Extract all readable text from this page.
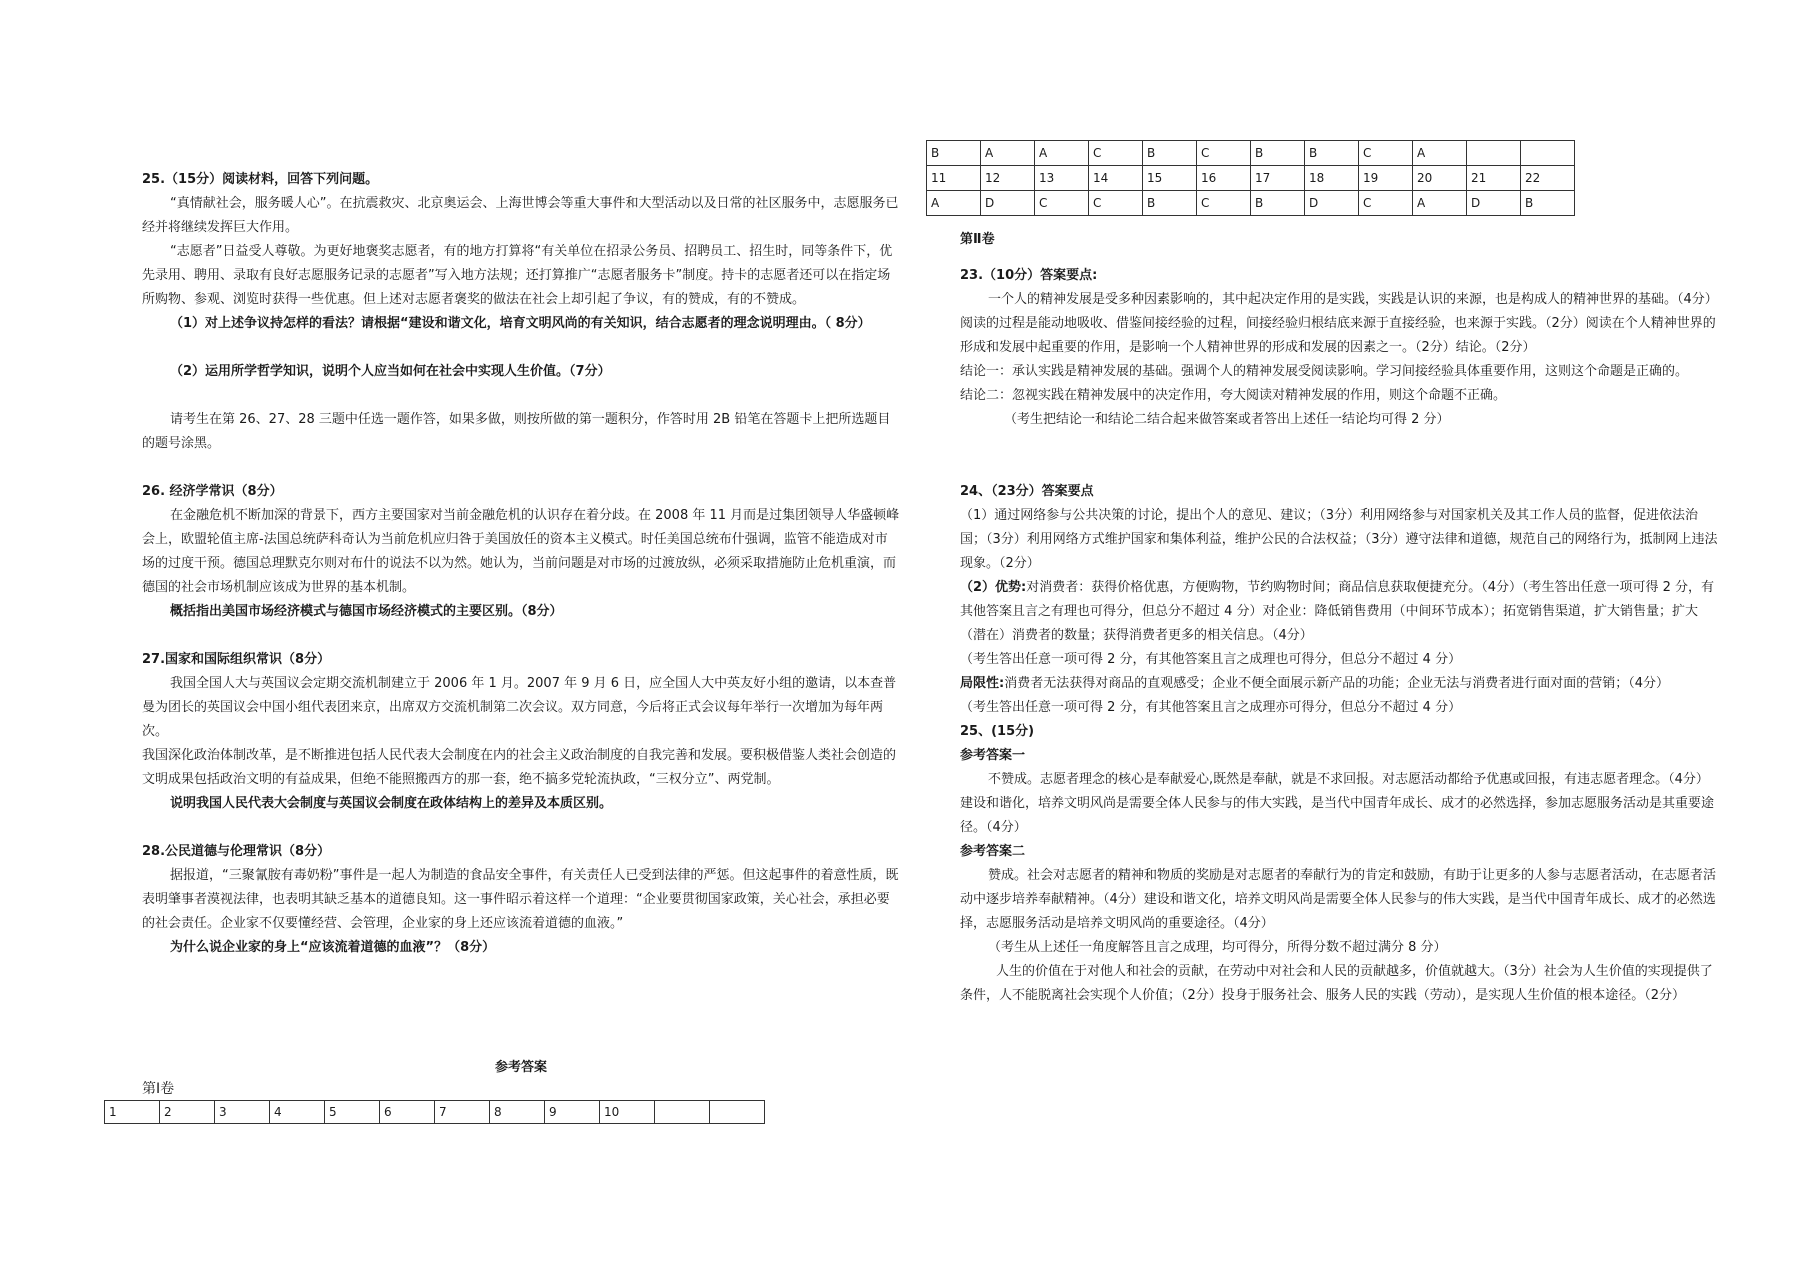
25.（15分）阅读材料，回答下列问题。

“真情献社会，服务暖人心”。在抗震救灾、北京奥运会、上海世博会等重大事件和大型活动以及日常的社区服务中，志愿服务已经并将继续发挥巨大作用。

“志愿者”日益受人尊敬。为更好地褒奖志愿者，有的地方打算将“有关单位在招录公务员、招聘员工、招生时，同等条件下，优先录用、聘用、录取有良好志愿服务记录的志愿者”写入地方法规；还打算推广“志愿者服务卡”制度。持卡的志愿者还可以在指定场所购物、参观、浏览时获得一些优惠。但上述对志愿者褒奖的做法在社会上却引起了争议，有的赞成，有的不赞成。

（1）对上述争议持怎样的看法？请根据“建设和谐文化，培育文明风尚的有关知识，结合志愿者的理念说明理由。（ 8分）

（2）运用所学哲学知识，说明个人应当如何在社会中实现人生价值。（7分）

请考生在第 26、27、28 三题中任选一题作答，如果多做，则按所做的第一题积分，作答时用 2B 铅笔在答题卡上把所选题目的题号涂黑。

26. 经济学常识（8分）

在金融危机不断加深的背景下，西方主要国家对当前金融危机的认识存在着分歧。在 2008 年 11 月而是过集团领导人华盛顿峰会上，欧盟轮值主席-法国总统萨科奇认为当前危机应归咎于美国放任的资本主义模式。时任美国总统布什强调，监管不能造成对市场的过度干预。德国总理默克尔则对布什的说法不以为然。她认为，当前问题是对市场的过渡放纵，必须采取措施防止危机重演，而德国的社会市场机制应该成为世界的基本机制。

概括指出美国市场经济模式与德国市场经济模式的主要区别。（8分）

27.国家和国际组织常识（8分）

我国全国人大与英国议会定期交流机制建立于 2006 年 1 月。2007 年 9 月 6 日，应全国人大中英友好小组的邀请，以本查普曼为团长的英国议会中国小组代表团来京，出席双方交流机制第二次会议。双方同意，今后将正式会议每年举行一次增加为每年两次。

我国深化政治体制改革，是不断推进包括人民代表大会制度在内的社会主义政治制度的自我完善和发展。要积极借鉴人类社会创造的文明成果包括政治文明的有益成果，但绝不能照搬西方的那一套，绝不搞多党轮流执政，“三权分立”、两党制。

说明我国人民代表大会制度与英国议会制度在政体结构上的差异及本质区别。

28.公民道德与伦理常识（8分）

据报道，“三聚氰胺有毒奶粉”事件是一起人为制造的食品安全事件，有关责任人已受到法律的严惩。但这起事件的着意性质，既表明肇事者漠视法律，也表明其缺乏基本的道德良知。这一事件昭示着这样一个道理：“企业要贯彻国家政策，关心社会，承担必要的社会责任。企业家不仅要懂经营、会管理，企业家的身上还应该流着道德的血液。”

为什么说企业家的身上“应该流着道德的血液”？（8分）

参考答案

第Ⅰ卷

1	2	3	4	5	6	7	8	9	10		
B	A	A	C	B	C	B	B	C	A		
11	12	13	14	15	16	17	18	19	20	21	22
A	D	C	C	B	C	B	D	C	A	D	B

第Ⅱ卷

23.（10分）答案要点:

一个人的精神发展是受多种因素影响的，其中起决定作用的是实践，实践是认识的来源，也是构成人的精神世界的基础。（4分）阅读的过程是能动地吸收、借鉴间接经验的过程，间接经验归根结底来源于直接经验，也来源于实践。（2分）阅读在个人精神世界的形成和发展中起重要的作用，是影响一个人精神世界的形成和发展的因素之一。（2分）结论。（2分）

结论一：承认实践是精神发展的基础。强调个人的精神发展受阅读影响。学习间接经验具体重要作用，这则这个命题是正确的。

结论二：忽视实践在精神发展中的决定作用，夸大阅读对精神发展的作用，则这个命题不正确。

（考生把结论一和结论二结合起来做答案或者答出上述任一结论均可得 2 分）

24、（23分）答案要点

（1）通过网络参与公共决策的讨论，提出个人的意见、建议；（3分）利用网络参与对国家机关及其工作人员的监督，促进依法治国；（3分）利用网络方式维护国家和集体利益，维护公民的合法权益；（3分）遵守法律和道德，规范自己的网络行为，抵制网上违法现象。（2分）

（2）优势:对消费者：获得价格优惠，方便购物，节约购物时间；商品信息获取便捷充分。（4分）（考生答出任意一项可得 2 分，有其他答案且言之有理也可得分，但总分不超过 4 分）对企业：降低销售费用（中间环节成本）；拓宽销售渠道，扩大销售量；扩大（潜在）消费者的数量；获得消费者更多的相关信息。（4分）

（考生答出任意一项可得 2 分，有其他答案且言之成理也可得分，但总分不超过 4 分）

局限性:消费者无法获得对商品的直观感受；企业不便全面展示新产品的功能；企业无法与消费者进行面对面的营销；（4分）

（考生答出任意一项可得 2 分，有其他答案且言之成理亦可得分，但总分不超过 4 分）

25、(15分)

参考答案一

不赞成。志愿者理念的核心是奉献爱心,既然是奉献，就是不求回报。对志愿活动都给予优惠或回报，有违志愿者理念。（4分）建设和谐化，培养文明风尚是需要全体人民参与的伟大实践，是当代中国青年成长、成才的必然选择，参加志愿服务活动是其重要途径。（4分）

参考答案二

赞成。社会对志愿者的精神和物质的奖励是对志愿者的奉献行为的肯定和鼓励，有助于让更多的人参与志愿者活动，在志愿者活动中逐步培养奉献精神。（4分）建设和谐文化，培养文明风尚是需要全体人民参与的伟大实践，是当代中国青年成长、成才的必然选择，志愿服务活动是培养文明风尚的重要途径。（4分）

（考生从上述任一角度解答且言之成理，均可得分，所得分数不超过满分 8 分）

人生的价值在于对他人和社会的贡献，在劳动中对社会和人民的贡献越多，价值就越大。（3分）社会为人生价值的实现提供了条件，人不能脱离社会实现个人价值；（2分）投身于服务社会、服务人民的实践（劳动），是实现人生价值的根本途径。（2分）
